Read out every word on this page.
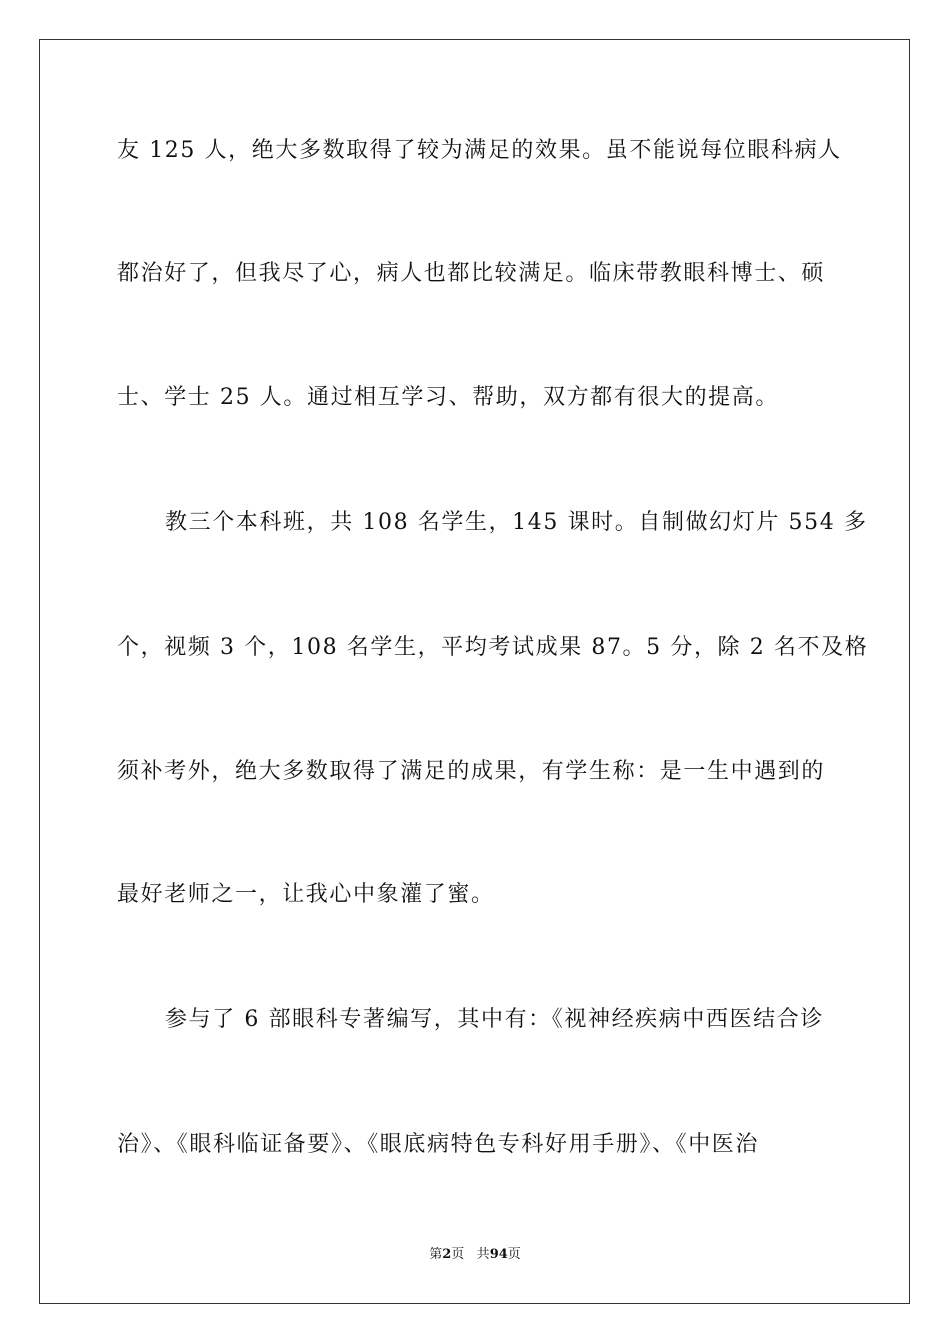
友 125 人，绝大多数取得了较为满足的效果。虽不能说每位眼科病人
都治好了，但我尽了心，病人也都比较满足。临床带教眼科博士、硕
士、学士 25 人。通过相互学习、帮助，双方都有很大的提高。
教三个本科班，共 108 名学生，145 课时。自制做幻灯片 554 多
个，视频 3 个，108 名学生，平均考试成果 87。5 分，除 2 名不及格
须补考外，绝大多数取得了满足的成果，有学生称：是一生中遇到的
最好老师之一，让我心中象灌了蜜。
参与了 6 部眼科专著编写，其中有：《视神经疾病中西医结合诊
治》、《眼科临证备要》、《眼底病特色专科好用手册》、《中医治
第2页 共94页
